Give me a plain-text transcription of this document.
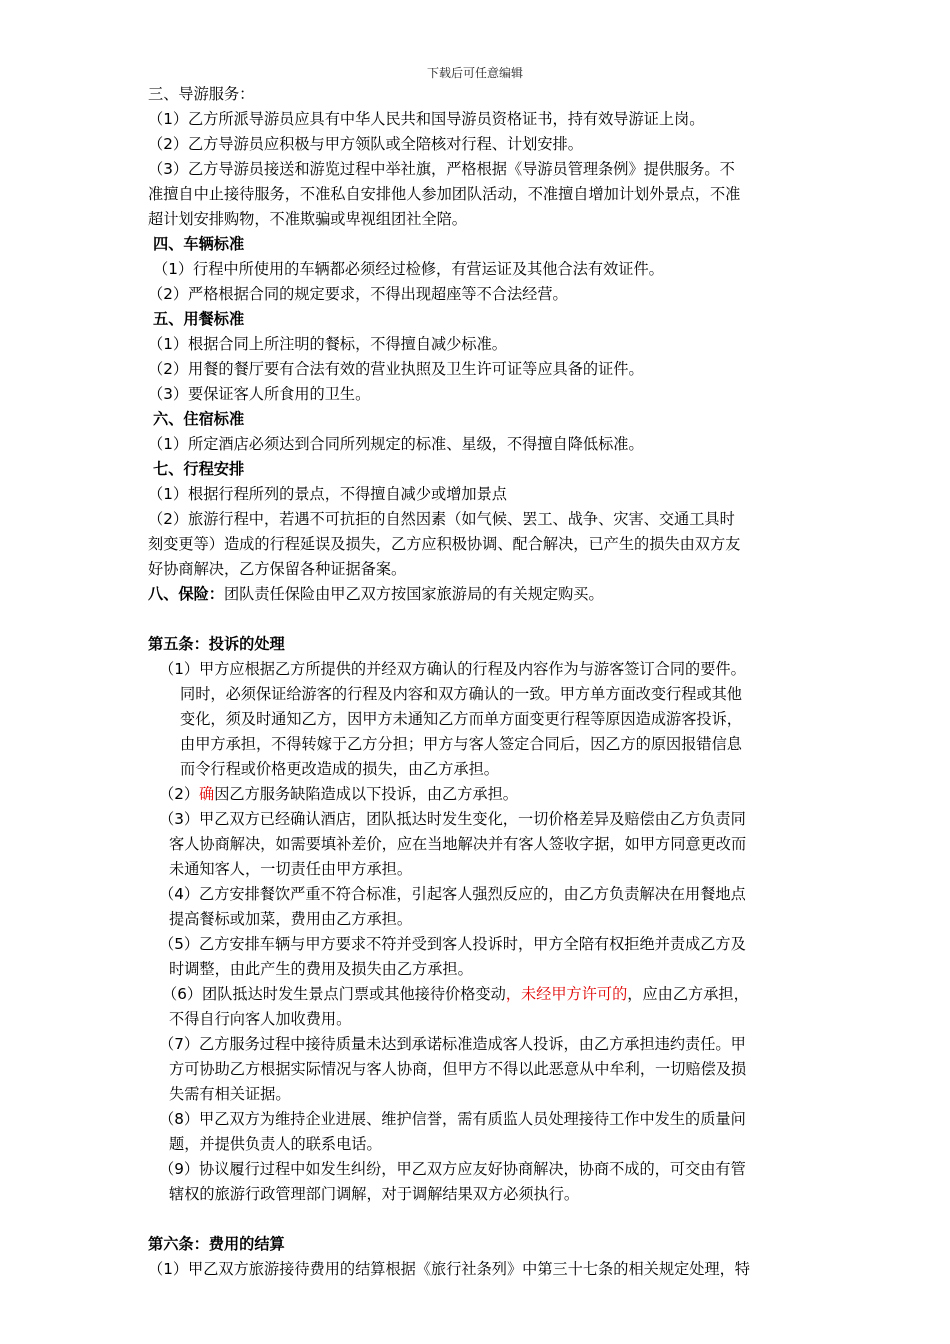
下载后可任意编辑
三、导游服务：
（1）乙方所派导游员应具有中华人民共和国导游员资格证书，持有效导游证上岗。
（2）乙方导游员应积极与甲方领队或全陪核对行程、计划安排。
（3）乙方导游员接送和游览过程中举社旗，严格根据《导游员管理条例》提供服务。不
准擅自中止接待服务，不准私自安排他人参加团队活动，不准擅自增加计划外景点，不准
超计划安排购物，不准欺骗或卑视组团社全陪。
四、车辆标准
（1）行程中所使用的车辆都必须经过检修，有营运证及其他合法有效证件。
（2）严格根据合同的规定要求，不得出现超座等不合法经营。
五、用餐标准
（1）根据合同上所注明的餐标，不得擅自减少标准。
（2）用餐的餐厅要有合法有效的营业执照及卫生许可证等应具备的证件。
（3）要保证客人所食用的卫生。
六、住宿标准
（1）所定酒店必须达到合同所列规定的标准、星级，不得擅自降低标准。
七、行程安排
（1）根据行程所列的景点，不得擅自减少或增加景点
（2）旅游行程中，若遇不可抗拒的自然因素（如气候、罢工、战争、灾害、交通工具时
刻变更等）造成的行程延误及损失，乙方应积极协调、配合解决，已产生的损失由双方友
好协商解决，乙方保留各种证据备案。
八、保险：团队责任保险由甲乙双方按国家旅游局的有关规定购买。
第五条：投诉的处理
（1）甲方应根据乙方所提供的并经双方确认的行程及内容作为与游客签订合同的要件。
同时，必须保证给游客的行程及内容和双方确认的一致。甲方单方面改变行程或其他
变化，须及时通知乙方，因甲方未通知乙方而单方面变更行程等原因造成游客投诉，
由甲方承担，不得转嫁于乙方分担；甲方与客人签定合同后，因乙方的原因报错信息
而令行程或价格更改造成的损失，由乙方承担。
（2）确因乙方服务缺陷造成以下投诉，由乙方承担。
（3）甲乙双方已经确认酒店，团队抵达时发生变化，一切价格差异及赔偿由乙方负责同
客人协商解决，如需要填补差价，应在当地解决并有客人签收字据，如甲方同意更改而
未通知客人，一切责任由甲方承担。
（4）乙方安排餐饮严重不符合标准，引起客人强烈反应的，由乙方负责解决在用餐地点
提高餐标或加菜，费用由乙方承担。
（5）乙方安排车辆与甲方要求不符并受到客人投诉时，甲方全陪有权拒绝并责成乙方及
时调整，由此产生的费用及损失由乙方承担。
（6）团队抵达时发生景点门票或其他接待价格变动，未经甲方许可的，应由乙方承担，
不得自行向客人加收费用。
（7）乙方服务过程中接待质量未达到承诺标准造成客人投诉，由乙方承担违约责任。甲
方可协助乙方根据实际情况与客人协商，但甲方不得以此恶意从中牟利，一切赔偿及损
失需有相关证据。
（8）甲乙双方为维持企业进展、维护信誉，需有质监人员处理接待工作中发生的质量问
题，并提供负责人的联系电话。
（9）协议履行过程中如发生纠纷，甲乙双方应友好协商解决，协商不成的，可交由有管
辖权的旅游行政管理部门调解，对于调解结果双方必须执行。
第六条：费用的结算
（1）甲乙双方旅游接待费用的结算根据《旅行社条列》中第三十七条的相关规定处理，特
